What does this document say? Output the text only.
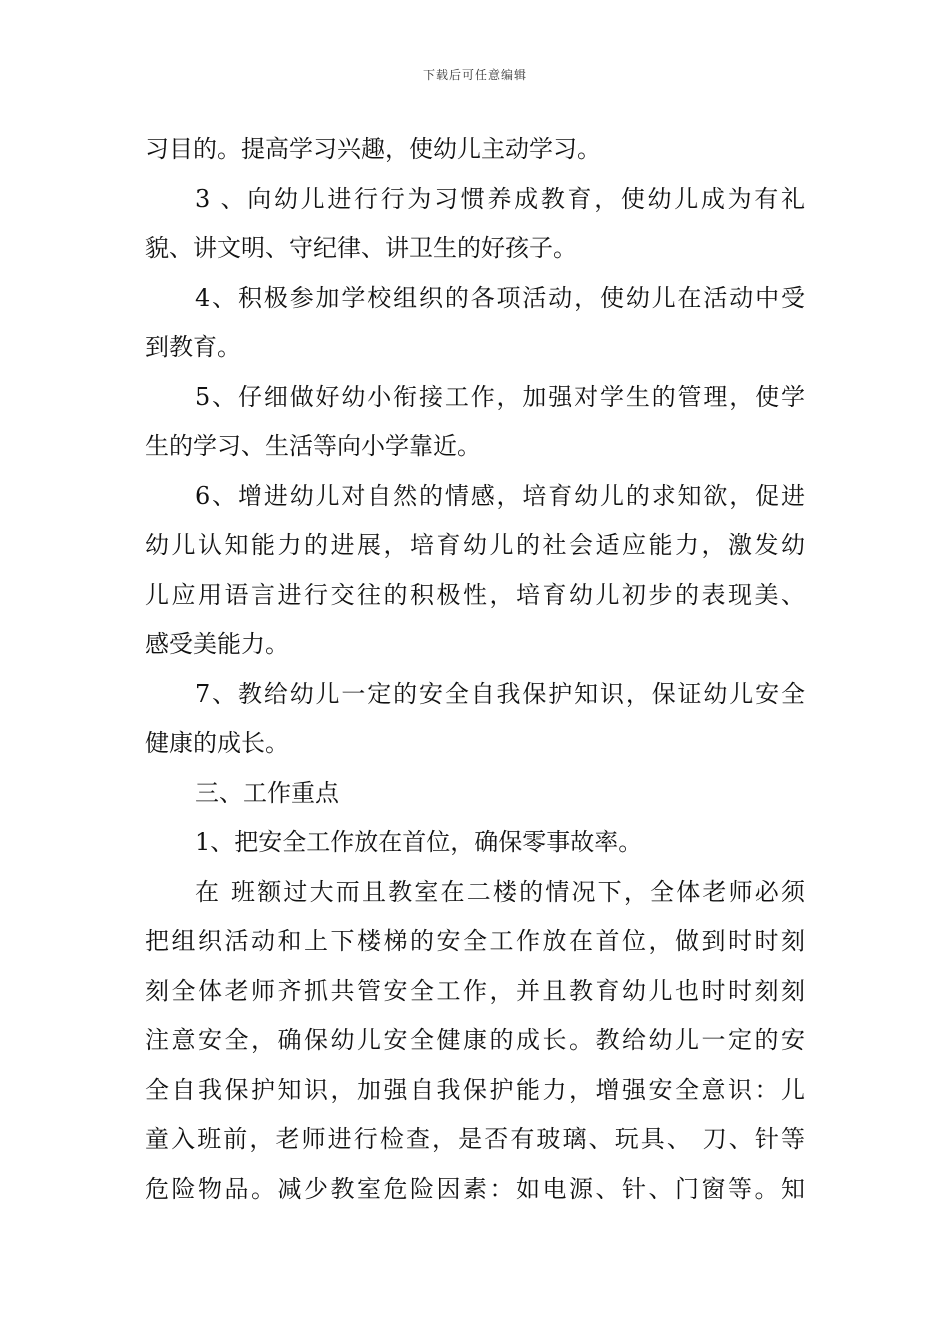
下载后可任意编辑
习目的。提高学习兴趣，使幼儿主动学习。
3 、向幼儿进行行为习惯养成教育，使幼儿成为有礼
貌、讲文明、守纪律、讲卫生的好孩子。
4、积极参加学校组织的各项活动，使幼儿在活动中受
到教育。
5、仔细做好幼小衔接工作，加强对学生的管理，使学
生的学习、生活等向小学靠近。
6、增进幼儿对自然的情感，培育幼儿的求知欲，促进
幼儿认知能力的进展，培育幼儿的社会适应能力，激发幼
儿应用语言进行交往的积极性，培育幼儿初步的表现美、
感受美能力。
7、教给幼儿一定的安全自我保护知识，保证幼儿安全
健康的成长。
三、工作重点
1、把安全工作放在首位，确保零事故率。
在 班额过大而且教室在二楼的情况下，全体老师必须
把组织活动和上下楼梯的安全工作放在首位，做到时时刻
刻全体老师齐抓共管安全工作，并且教育幼儿也时时刻刻
注意安全，确保幼儿安全健康的成长。教给幼儿一定的安
全自我保护知识，加强自我保护能力，增强安全意识：儿
童入班前，老师进行检查，是否有玻璃、玩具、 刀、针等
危险物品。减少教室危险因素：如电源、针、门窗等。知
